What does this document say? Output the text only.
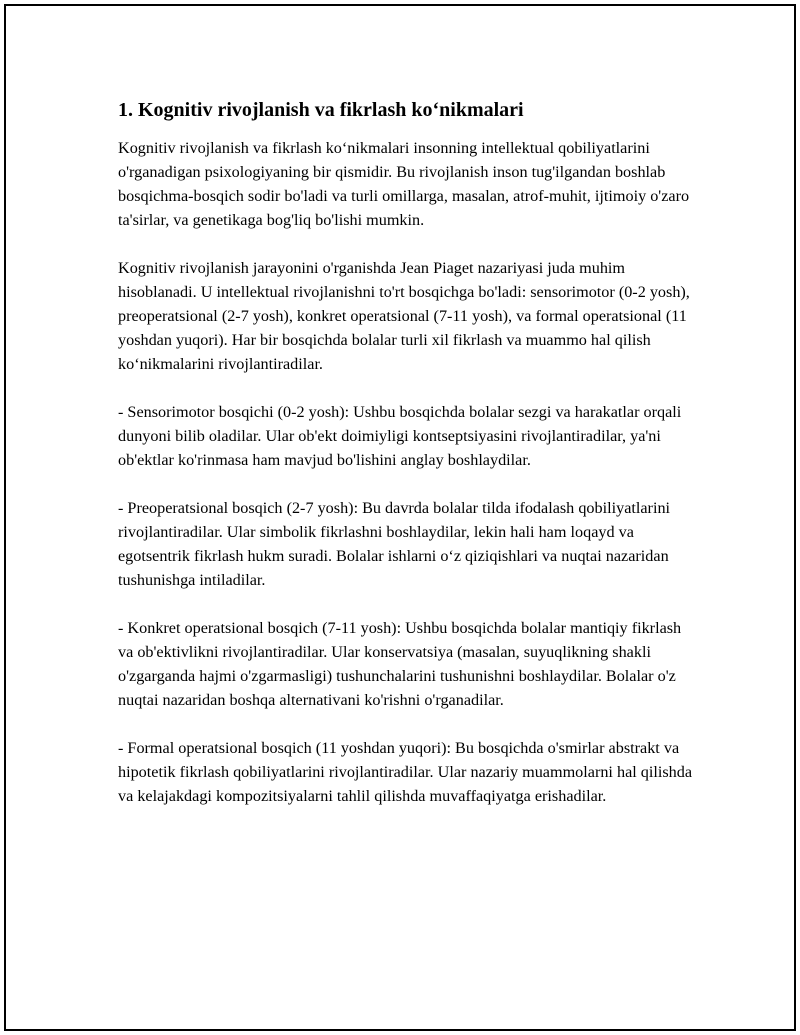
1. Kognitiv rivojlanish va fikrlash ko‘nikmalari

Kognitiv rivojlanish va fikrlash ko‘nikmalari insonning intellektual qobiliyatlarini o'rganadigan psixologiyaning bir qismidir. Bu rivojlanish inson tug'ilgandan boshlab bosqichma-bosqich sodir bo'ladi va turli omillarga, masalan, atrof-muhit, ijtimoiy o'zaro ta'sirlar, va genetikaga bog'liq bo'lishi mumkin.

Kognitiv rivojlanish jarayonini o'rganishda Jean Piaget nazariyasi juda muhim hisoblanadi. U intellektual rivojlanishni to'rt bosqichga bo'ladi: sensorimotor (0-2 yosh), preoperatsional (2-7 yosh), konkret operatsional (7-11 yosh), va formal operatsional (11 yoshdan yuqori). Har bir bosqichda bolalar turli xil fikrlash va muammo hal qilish ko‘nikmalarini rivojlantiradilar.

- Sensorimotor bosqichi (0-2 yosh): Ushbu bosqichda bolalar sezgi va harakatlar orqali dunyoni bilib oladilar. Ular ob'ekt doimiyligi kontseptsiyasini rivojlantiradilar, ya'ni ob'ektlar ko'rinmasa ham mavjud bo'lishini anglay boshlaydilar.

- Preoperatsional bosqich (2-7 yosh): Bu davrda bolalar tilda ifodalash qobiliyatlarini rivojlantiradilar. Ular simbolik fikrlashni boshlaydilar, lekin hali ham loqayd va egotsentrik fikrlash hukm suradi. Bolalar ishlarni o‘z qiziqishlari va nuqtai nazaridan tushunishga intiladilar.

- Konkret operatsional bosqich (7-11 yosh): Ushbu bosqichda bolalar mantiqiy fikrlash va ob'ektivlikni rivojlantiradilar. Ular konservatsiya (masalan, suyuqlikning shakli o'zgarganda hajmi o'zgarmasligi) tushunchalarini tushunishni boshlaydilar. Bolalar o'z nuqtai nazaridan boshqa alternativani ko'rishni o'rganadilar.

- Formal operatsional bosqich (11 yoshdan yuqori): Bu bosqichda o'smirlar abstrakt va hipotetik fikrlash qobiliyatlarini rivojlantiradilar. Ular nazariy muammolarni hal qilishda va kelajakdagi kompozitsiyalarni tahlil qilishda muvaffaqiyatga erishadilar.
